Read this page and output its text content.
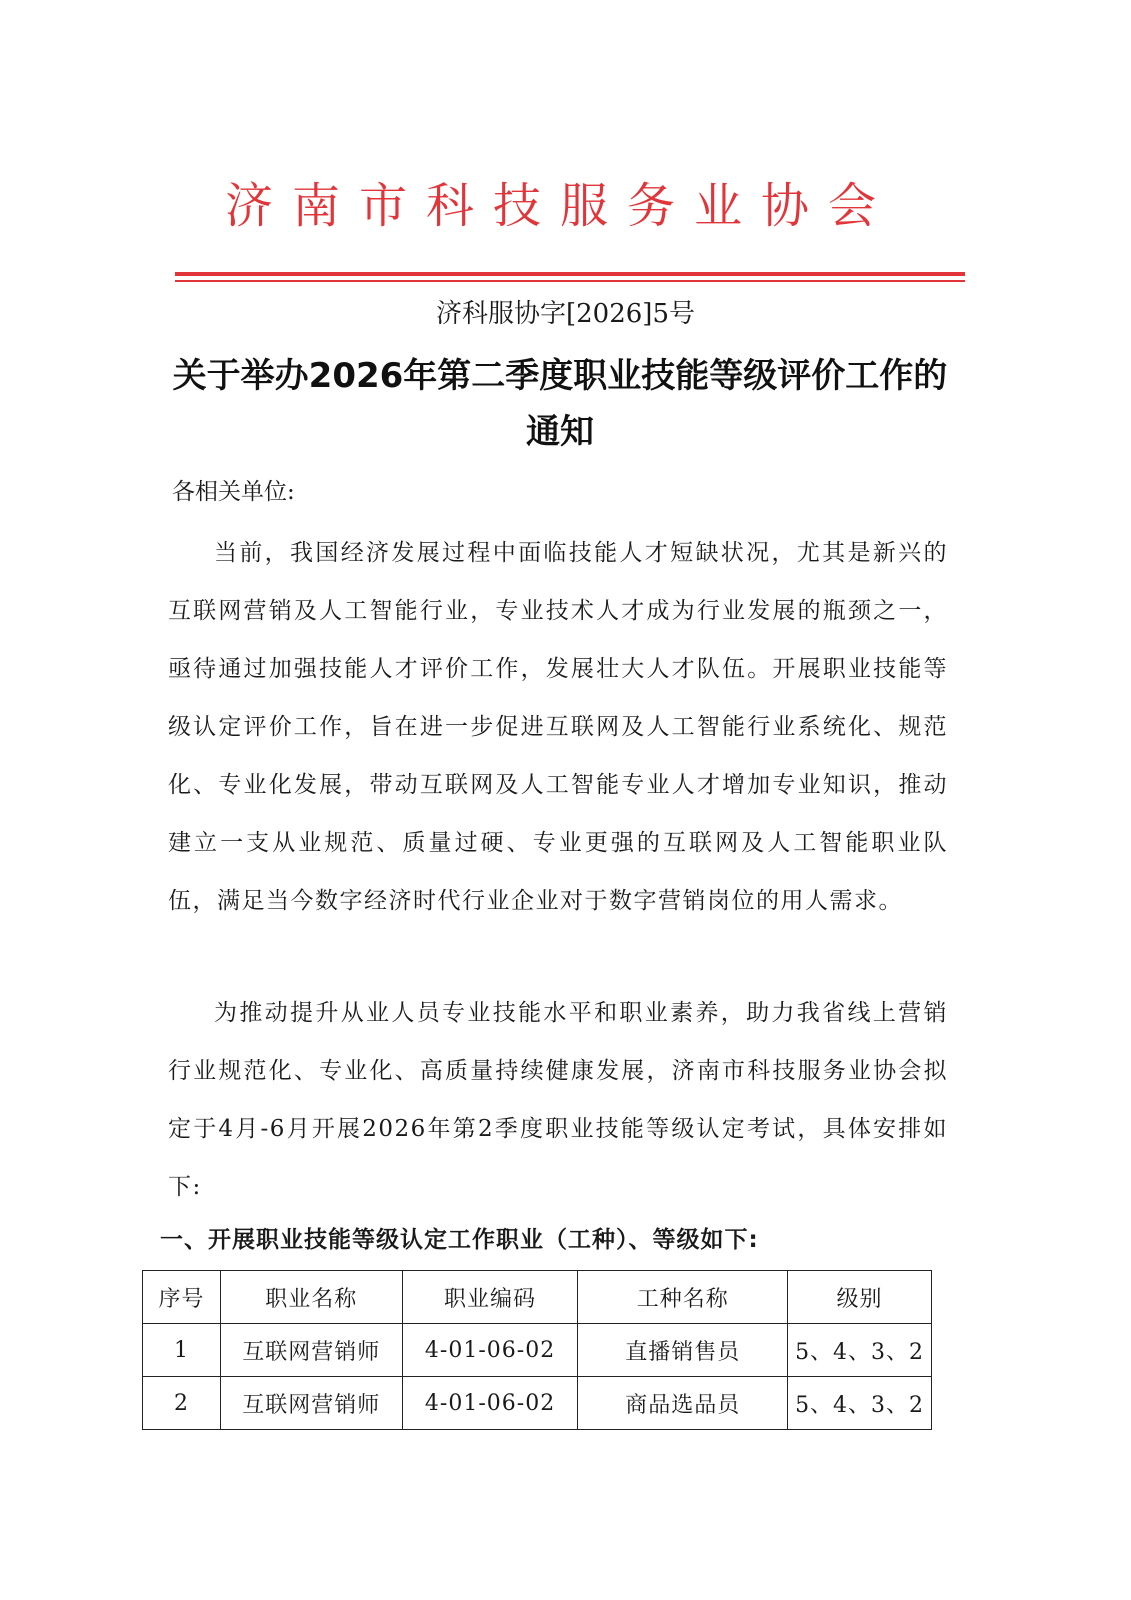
济南市科技服务业协会
济科服协字[2026]5号
关于举办2026年第二季度职业技能等级评价工作的通知
各相关单位:
当前，我国经济发展过程中面临技能人才短缺状况，尤其是新兴的互联网营销及人工智能行业，专业技术人才成为行业发展的瓶颈之一，亟待通过加强技能人才评价工作，发展壮大人才队伍。开展职业技能等级认定评价工作，旨在进一步促进互联网及人工智能行业系统化、规范化、专业化发展，带动互联网及人工智能专业人才增加专业知识，推动建立一支从业规范、质量过硬、专业更强的互联网及人工智能职业队伍，满足当今数字经济时代行业企业对于数字营销岗位的用人需求。
为推动提升从业人员专业技能水平和职业素养，助力我省线上营销行业规范化、专业化、高质量持续健康发展，济南市科技服务业协会拟定于4月-6月开展2026年第2季度职业技能等级认定考试，具体安排如下:
一、开展职业技能等级认定工作职业（工种）、等级如下:
序号	职业名称	职业编码	工种名称	级别
1	互联网营销师	4-01-06-02	直播销售员	5、4、3、2
2	互联网营销师	4-01-06-02	商品选品员	5、4、3、2
